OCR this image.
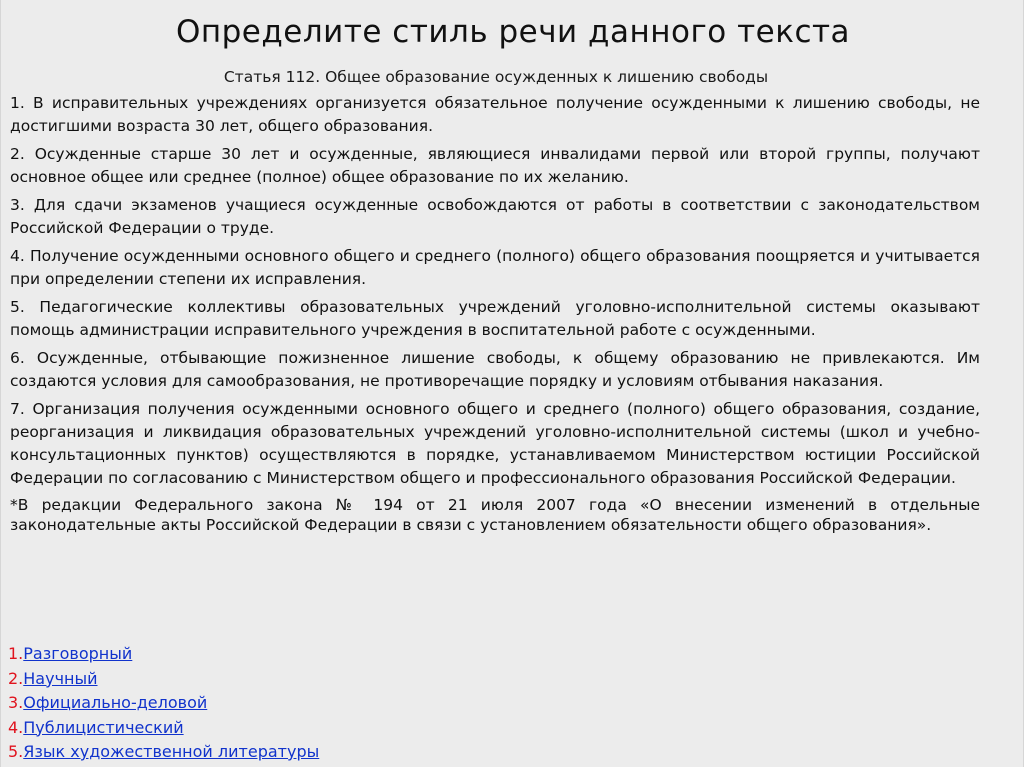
Определите стиль речи данного текста
Статья 112. Общее образование осужденных к лишению свободы

1. В исправительных учреждениях организуется обязательное получение осужденными к лишению свободы, не достигшими возраста 30 лет, общего образования.

2. Осужденные старше 30 лет и осужденные, являющиеся инвалидами первой или второй группы, получают основное общее или среднее (полное) общее образование по их желанию.

3. Для сдачи экзаменов учащиеся осужденные освобождаются от работы в соответствии с законодательством Российской Федерации о труде.

4. Получение осужденными основного общего и среднего (полного) общего образования поощряется и учитывается при определении степени их исправления.

5. Педагогические коллективы образовательных учреждений уголовно-исполнительной системы оказывают помощь администрации исправительного учреждения в воспитательной работе с осужденными.

6. Осужденные, отбывающие пожизненное лишение свободы, к общему образованию не привлекаются. Им создаются условия для самообразования, не противоречащие порядку и условиям отбывания наказания.

7. Организация получения осужденными основного общего и среднего (полного) общего образования, создание, реорганизация и ликвидация образовательных учреждений уголовно-исполнительной системы (школ и учебно-консультационных пунктов) осуществляются в порядке, устанавливаемом Министерством юстиции Российской Федерации по согласованию с Министерством общего и профессионального образования Российской Федерации.

*В редакции Федерального закона № 194 от 21 июля 2007 года «О внесении изменений в отдельные законодательные акты Российской Федерации в связи с установлением обязательности общего образования».

1.Разговорный
2.Научный
3.Официально-деловой
4.Публицистический
5.Язык художественной литературы
